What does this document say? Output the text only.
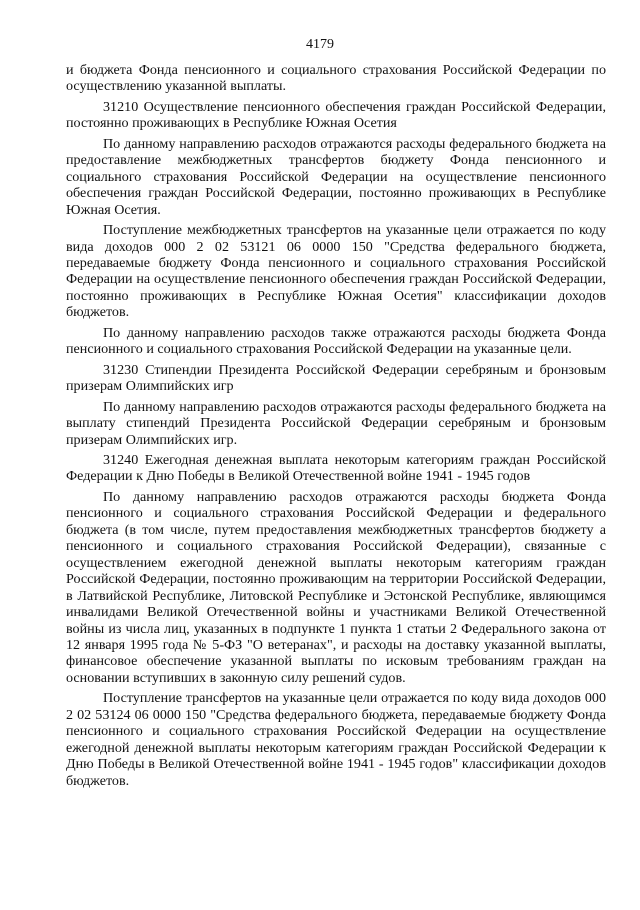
4179

и бюджета Фонда пенсионного и социального страхования Российской Федерации по осуществлению указанной выплаты.

31210 Осуществление пенсионного обеспечения граждан Российской Федерации, постоянно проживающих в Республике Южная Осетия

По данному направлению расходов отражаются расходы федерального бюджета на предоставление межбюджетных трансфертов бюджету Фонда пенсионного и социального страхования Российской Федерации на осуществление пенсионного обеспечения граждан Российской Федерации, постоянно проживающих в Республике Южная Осетия.

Поступление межбюджетных трансфертов на указанные цели отражается по коду вида доходов 000 2 02 53121 06 0000 150 "Средства федерального бюджета, передаваемые бюджету Фонда пенсионного и социального страхования Российской Федерации на осуществление пенсионного обеспечения граждан Российской Федерации, постоянно проживающих в Республике Южная Осетия" классификации доходов бюджетов.

По данному направлению расходов также отражаются расходы бюджета Фонда пенсионного и социального страхования Российской Федерации на указанные цели.

31230 Стипендии Президента Российской Федерации серебряным и бронзовым призерам Олимпийских игр

По данному направлению расходов отражаются расходы федерального бюджета на выплату стипендий Президента Российской Федерации серебряным и бронзовым призерам Олимпийских игр.

31240 Ежегодная денежная выплата некоторым категориям граждан Российской Федерации к Дню Победы в Великой Отечественной войне 1941 - 1945 годов

По данному направлению расходов отражаются расходы бюджета Фонда пенсионного и социального страхования Российской Федерации и федерального бюджета (в том числе, путем предоставления межбюджетных трансфертов бюджету а пенсионного и социального страхования Российской Федерации), связанные с осуществлением ежегодной денежной выплаты некоторым категориям граждан Российской Федерации, постоянно проживающим на территории Российской Федерации, в Латвийской Республике, Литовской Республике и Эстонской Республике, являющимся инвалидами Великой Отечественной войны и участниками Великой Отечественной войны из числа лиц, указанных в подпункте 1 пункта 1 статьи 2 Федерального закона от 12 января 1995 года № 5-ФЗ "О ветеранах", и расходы на доставку указанной выплаты, финансовое обеспечение указанной выплаты по исковым требованиям граждан на основании вступивших в законную силу решений судов.

Поступление трансфертов на указанные цели отражается по коду вида доходов 000 2 02 53124 06 0000 150 "Средства федерального бюджета, передаваемые бюджету Фонда пенсионного и социального страхования Российской Федерации на осуществление ежегодной денежной выплаты некоторым категориям граждан Российской Федерации к Дню Победы в Великой Отечественной войне 1941 - 1945 годов" классификации доходов бюджетов.
